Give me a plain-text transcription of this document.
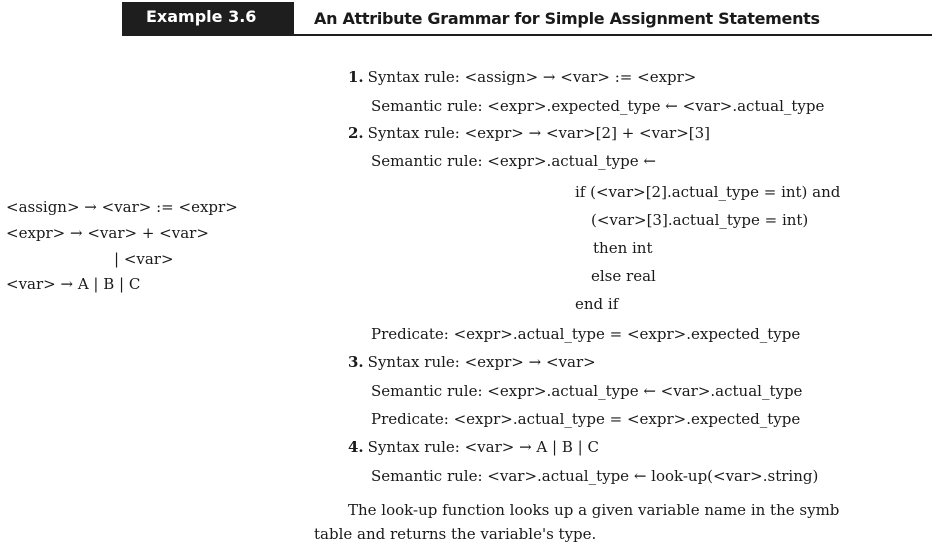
Example 3.6	An Attribute Grammar for Simple Assignment Statements
<assign> → <var> := <expr>
<expr> → <var> + <var>
| <var>
<var> → A | B | C
1. Syntax rule: <assign> → <var> := <expr>
Semantic rule: <expr>.expected_type ← <var>.actual_type
2. Syntax rule: <expr> → <var>[2] + <var>[3]
Semantic rule: <expr>.actual_type ←
if (<var>[2].actual_type = int) and
(<var>[3].actual_type = int)
then int
else real
end if
Predicate: <expr>.actual_type = <expr>.expected_type
3. Syntax rule: <expr> → <var>
Semantic rule: <expr>.actual_type ← <var>.actual_type
Predicate: <expr>.actual_type = <expr>.expected_type
4. Syntax rule: <var> → A | B | C
Semantic rule: <var>.actual_type ← look-up(<var>.string)
The look-up function looks up a given variable name in the symb
table and returns the variable's type.
